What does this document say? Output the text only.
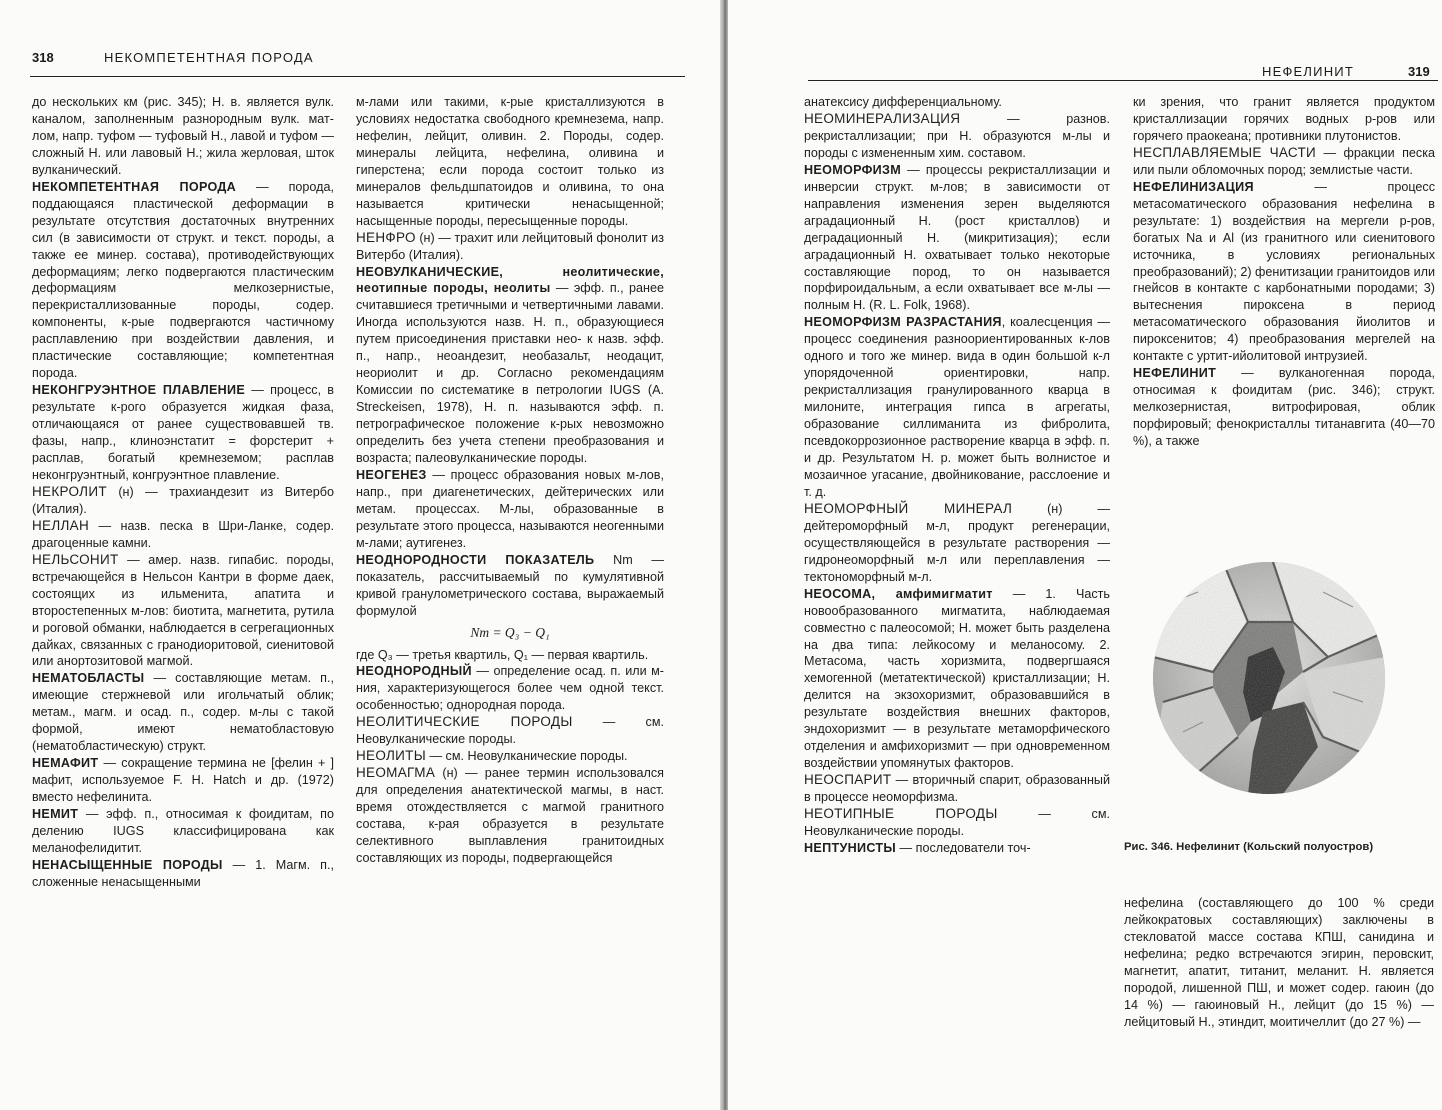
318	НЕКОМПЕТЕНТНАЯ ПОРОДА

до нескольких км (рис. 345); Н. в. является вулк. каналом, заполненным разнородным вулк. мат-лом, напр. туфом — туфовый Н., лавой и туфом — сложный Н. или лавовый Н.; жила жерловая, шток вулканический.

НЕКОМПЕТЕНТНАЯ ПОРОДА — порода, поддающаяся пластической деформации в результате отсутствия достаточных внутренних сил (в зависимости от структ. и текст. породы, а также ее минер. состава), противодействующих деформациям; легко подвергаются пластическим деформациям мелкозернистые, перекристаллизованные породы, содер. компоненты, к-рые подвергаются частичному расплавлению при воздействии давления, и пластические составляющие; компетентная порода.

НЕКОНГРУЭНТНОЕ ПЛАВЛЕНИЕ — процесс, в результате к-рого образуется жидкая фаза, отличающаяся от ранее существовавшей тв. фазы, напр., клиноэнстатит = форстерит + расплав, богатый кремнеземом; расплав неконгруэнтный, конгруэнтное плавление.

НЕКРОЛИТ (н) — трахиандезит из Витербо (Италия).

НЕЛЛАН — назв. песка в Шри-Ланке, содер. драгоценные камни.

НЕЛЬСОНИТ — амер. назв. гипабис. породы, встречающейся в Нельсон Кантри в форме даек, состоящих из ильменита, апатита и второстепенных м-лов: биотита, магнетита, рутила и роговой обманки, наблюдается в сегрегационных дайках, связанных с гранодиоритовой, сиенитовой или анортозитовой магмой.

НЕМАТОБЛАСТЫ — составляющие метам. п., имеющие стержневой или игольчатый облик; метам., магм. и осад. п., содер. м-лы с такой формой, имеют нематобластовую (нематобластическую) структ.

НЕМАФИТ — сокращение термина не [фелин + ] мафит, используемое F. H. Hatch и др. (1972) вместо нефелинита.

НЕМИТ — эфф. п., относимая к фоидитам, по делению IUGS классифицирована как меланофелидитит.

НЕНАСЫЩЕННЫЕ ПОРОДЫ — 1. Магм. п., сложенные ненасыщенными

м-лами или такими, к-рые кристаллизуются в условиях недостатка свободного кремнезема, напр. нефелин, лейцит, оливин. 2. Породы, содер. минералы лейцита, нефелина, оливина и гиперстена; если порода состоит только из минералов фельдшпатоидов и оливина, то она называется критически ненасыщенной; насыщенные породы, пересыщенные породы.

НЕНФРО (н) — трахит или лейцитовый фонолит из Витербо (Италия).

НЕОВУЛКАНИЧЕСКИЕ, неолитические, неотипные породы, неолиты — эфф. п., ранее считавшиеся третичными и четвертичными лавами. Иногда используются назв. Н. п., образующиеся путем присоединения приставки нео- к назв. эфф. п., напр., неоандезит, необазальт, неодацит, неориолит и др. Согласно рекомендациям Комиссии по систематике в петрологии IUGS (A. Streckeisen, 1978), Н. п. называются эфф. п. петрографическое положение к-рых невозможно определить без учета степени преобразования и возраста; палеовулканические породы.

НЕОГЕНЕЗ — процесс образования новых м-лов, напр., при диагенетических, дейтерических или метам. процессах. М-лы, образованные в результате этого процесса, называются неогенными м-лами; аутигенез.

НЕОДНОРОДНОСТИ ПОКАЗАТЕЛЬ Nm — показатель, рассчитываемый по кумулятивной кривой гранулометрического состава, выражаемый формулой

Nm = Q₃ − Q₁

где Q₃ — третья квартиль, Q₁ — первая квартиль.

НЕОДНОРОДНЫЙ — определение осад. п. или м-ния, характеризующегося более чем одной текст. особенностью; однородная порода.

НЕОЛИТИЧЕСКИЕ ПОРОДЫ — см. Неовулканические породы.

НЕОЛИТЫ — см. Неовулканические породы.

НЕОМАГМА (н) — ранее термин использовался для определения анатектической магмы, в наст. время отождествляется с магмой гранитного состава, к-рая образуется в результате селективного выплавления гранитоидных составляющих из породы, подвергающейся

НЕФЕЛИНИТ	319

анатексису дифференциальному.

НЕОМИНЕРАЛИЗАЦИЯ — разнов. рекристаллизации; при Н. образуются м-лы и породы с измененным хим. составом.

НЕОМОРФИЗМ — процессы рекристаллизации и инверсии структ. м-лов; в зависимости от направления изменения зерен выделяются аградационный Н. (рост кристаллов) и деградационный Н. (микритизация); если аградационный Н. охватывает только некоторые составляющие пород, то он называется порфироидальным, а если охватывает все м-лы — полным Н. (R. L. Folk, 1968).

НЕОМОРФИЗМ РАЗРАСТАНИЯ, коалесценция — процесс соединения разноориентированных к-лов одного и того же минер. вида в один большой к-л упорядоченной ориентировки, напр. рекристаллизация гранулированного кварца в милоните, интеграция гипса в агрегаты, образование силлиманита из фибролита, псевдокоррозионное растворение кварца в эфф. п. и др. Результатом Н. р. может быть волнистое и мозаичное угасание, двойникование, расслоение и т. д.

НЕОМОРФНЫЙ МИНЕРАЛ (н) — дейтероморфный м-л, продукт регенерации, осуществляющейся в результате растворения — гидронеоморфный м-л или переплавления — тектономорфный м-л.

НЕОСОМА, амфимигматит — 1. Часть новообразованного мигматита, наблюдаемая совместно с палеосомой; Н. может быть разделена на два типа: лейкосому и меланосому. 2. Метасома, часть хоризмита, подвергшаяся хемогенной (метатектической) кристаллизации; Н. делится на экзохоризмит, образовавшийся в результате воздействия внешних факторов, эндохоризмит — в результате метаморфического отделения и амфихоризмит — при одновременном воздействии упомянутых факторов.

НЕОСПАРИТ — вторичный спарит, образованный в процессе неоморфизма.

НЕОТИПНЫЕ ПОРОДЫ — см. Неовулканические породы.

НЕПТУНИСТЫ — последователи точ-

ки зрения, что гранит является продуктом кристаллизации горячих водных р-ров или горячего праокеана; противники плутонистов.

НЕСПЛАВЛЯЕМЫЕ ЧАСТИ — фракции песка или пыли обломочных пород; землистые части.

НЕФЕЛИНИЗАЦИЯ — процесс метасоматического образования нефелина в результате: 1) воздействия на мергели р-ров, богатых Na и Al (из гранитного или сиенитового источника, в условиях региональных преобразований); 2) фенитизации гранитоидов или гнейсов в контакте с карбонатными породами; 3) вытеснения пироксена в период метасоматического образования йиолитов и пироксенитов; 4) преобразования мергелей на контакте с уртит-ийолитовой интрузией.

НЕФЕЛИНИТ — вулканогенная порода, относимая к фоидитам (рис. 346); структ. мелкозернистая, витрофировая, облик порфировый; фенокристаллы титанавгита (40—70 %), а также

Рис. 346. Нефелинит (Кольский полуостров)

нефелина (составляющего до 100 % среди лейкократовых составляющих) заключены в стекловатой массе состава КПШ, санидина и нефелина; редко встречаются эгирин, перовскит, магнетит, апатит, титанит, меланит. Н. является породой, лишенной ПШ, и может содер. гаюин (до 14 %) — гаюиновый Н., лейцит (до 15 %) — лейцитовый Н., этиндит, моитичеллит (до 27 %) —
